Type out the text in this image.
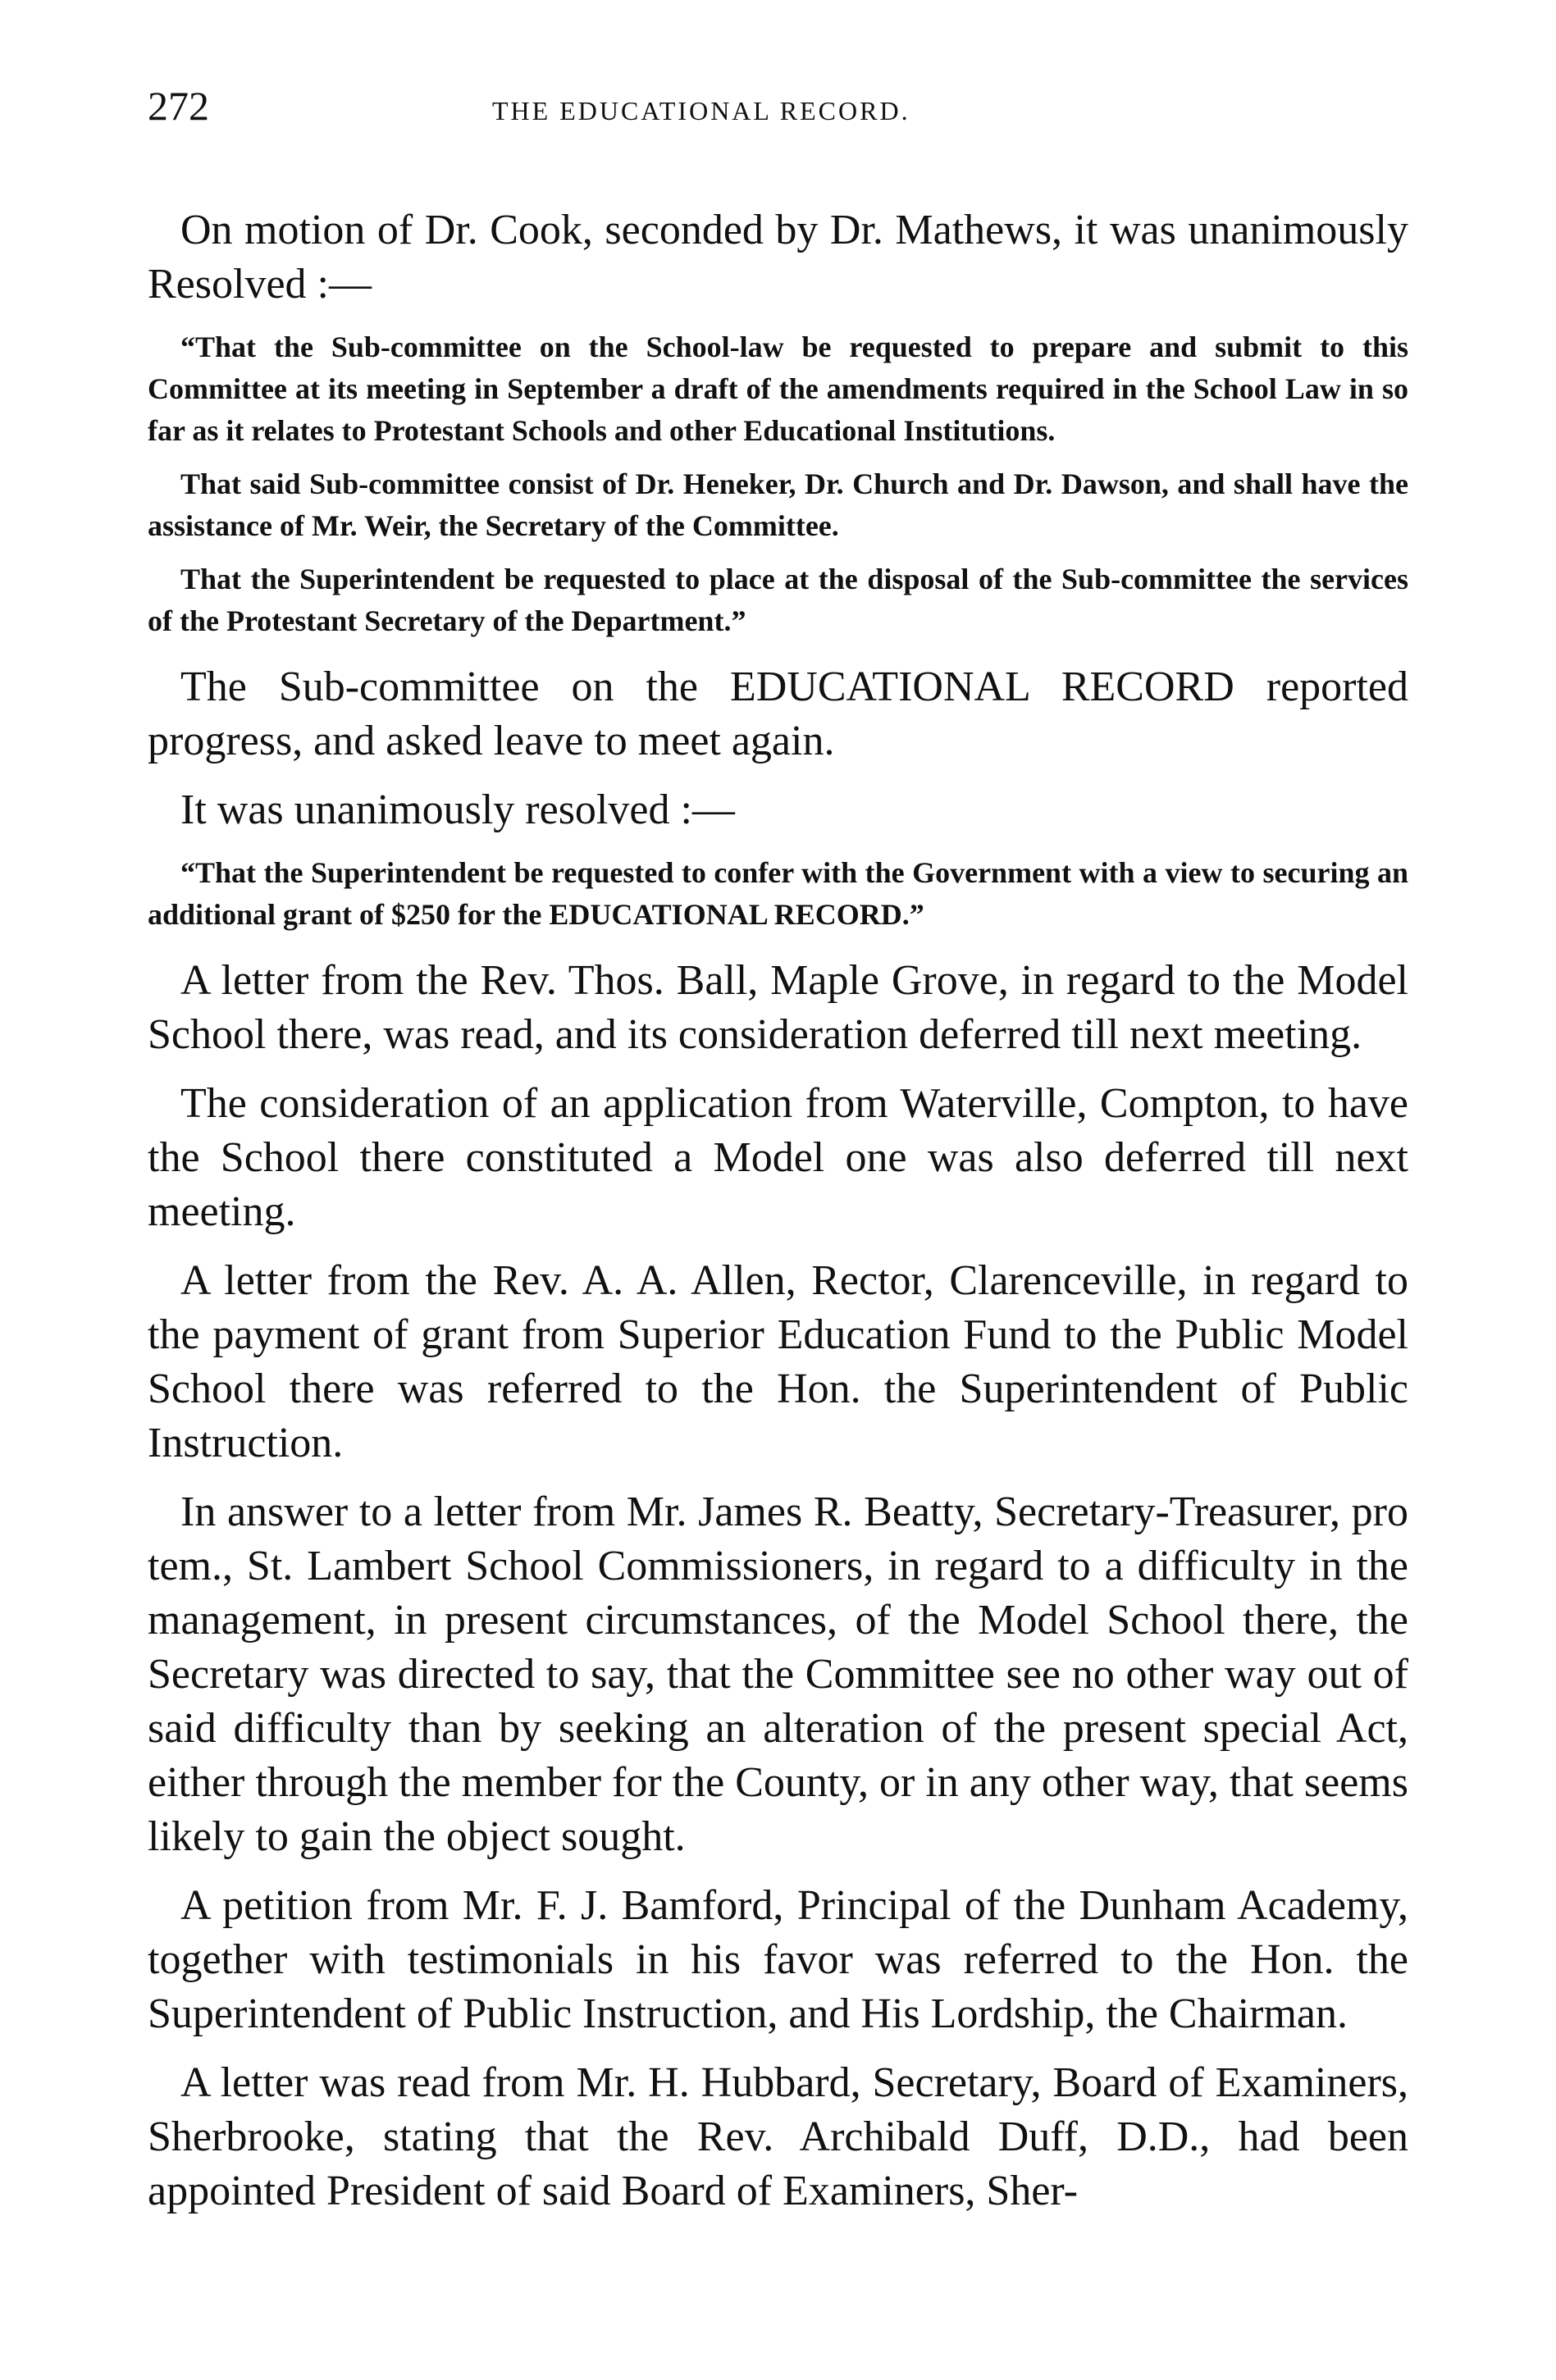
272	THE EDUCATIONAL RECORD.

On motion of Dr. Cook, seconded by Dr. Mathews, it was unanimously Resolved :—

“That the Sub-committee on the School-law be requested to prepare and submit to this Committee at its meeting in September a draft of the amendments required in the School Law in so far as it relates to Protestant Schools and other Educational Institutions.

That said Sub-committee consist of Dr. Heneker, Dr. Church and Dr. Dawson, and shall have the assistance of Mr. Weir, the Secretary of the Committee.

That the Superintendent be requested to place at the disposal of the Sub-committee the services of the Protestant Secretary of the Department.”

The Sub-committee on the EDUCATIONAL RECORD reported progress, and asked leave to meet again.

It was unanimously resolved :—

“That the Superintendent be requested to confer with the Government with a view to securing an additional grant of $250 for the EDUCATIONAL RECORD.”

A letter from the Rev. Thos. Ball, Maple Grove, in regard to the Model School there, was read, and its consideration deferred till next meeting.

The consideration of an application from Waterville, Compton, to have the School there constituted a Model one was also deferred till next meeting.

A letter from the Rev. A. A. Allen, Rector, Clarenceville, in regard to the payment of grant from Superior Education Fund to the Public Model School there was referred to the Hon. the Superintendent of Public Instruction.

In answer to a letter from Mr. James R. Beatty, Secretary-Treasurer, pro tem., St. Lambert School Commissioners, in regard to a difficulty in the management, in present circumstances, of the Model School there, the Secretary was directed to say, that the Committee see no other way out of said difficulty than by seeking an alteration of the present special Act, either through the member for the County, or in any other way, that seems likely to gain the object sought.

A petition from Mr. F. J. Bamford, Principal of the Dunham Academy, together with testimonials in his favor was referred to the Hon. the Superintendent of Public Instruction, and His Lordship, the Chairman.

A letter was read from Mr. H. Hubbard, Secretary, Board of Examiners, Sherbrooke, stating that the Rev. Archibald Duff, D.D., had been appointed President of said Board of Examiners, Sher-
